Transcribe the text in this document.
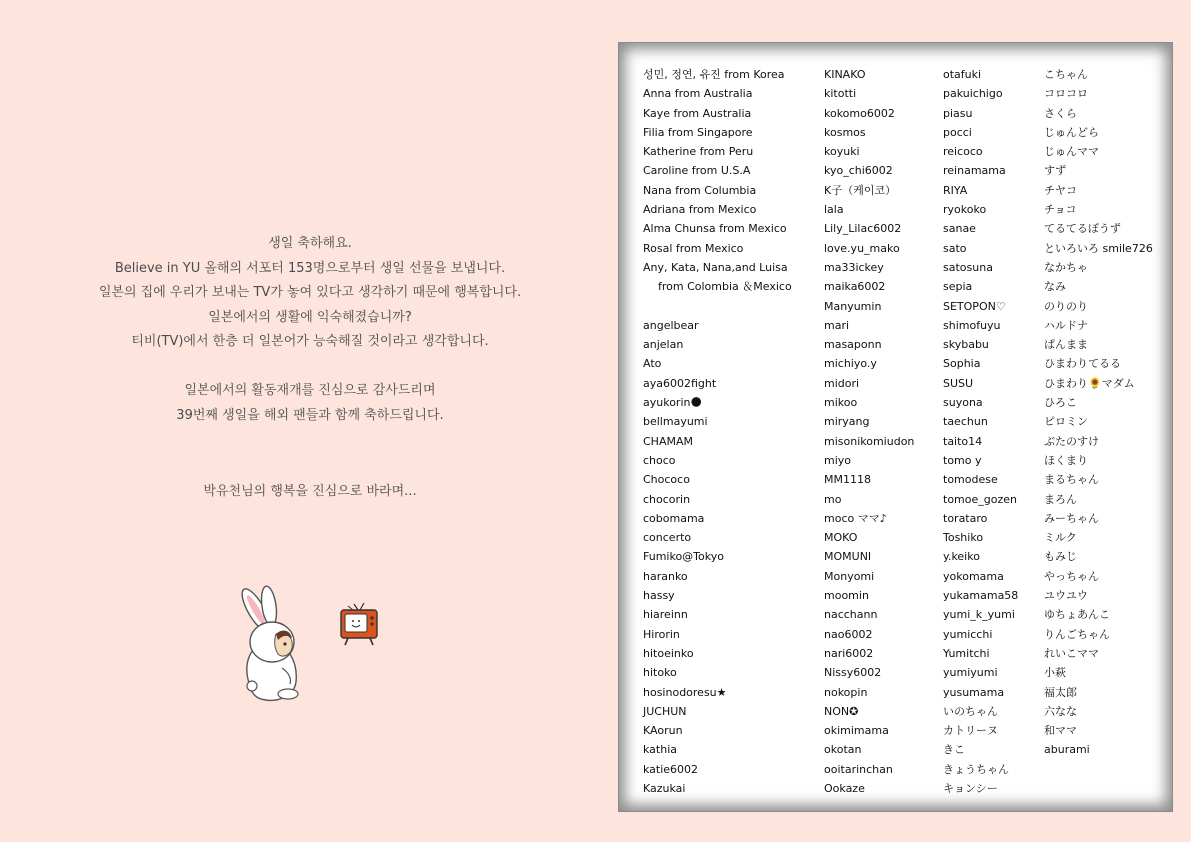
생일 축하해요.
Believe in YU 올해의 서포터 153명으로부터 생일 선물을 보냅니다.
일본의 집에 우리가 보내는 TV가 놓여 있다고 생각하기 때문에 행복합니다.
일본에서의 생활에 익숙해졌습니까?
티비(TV)에서 한층 더 일본어가 능숙해질 것이라고 생각합니다.
일본에서의 활동재개를 진심으로 감사드리며
39번째 생일을 해외 팬들과 함께 축하드립니다.
박유천님의 행복을 진심으로 바라며...
성민, 정연, 유진 from Korea
Anna from Australia
Kaye from Australia
Filia from Singapore
Katherine from Peru
Caroline from U.S.A
Nana from Columbia
Adriana from Mexico
Alma Chunsa from Mexico
Rosal from Mexico
Any, Kata, Nana,and Luisa
from Colombia ＆Mexico
angelbear
anjelan
Ato
aya6002fight
ayukorin🌑
bellmayumi
CHAMAM
choco
Chococo
chocorin
cobomama
concerto
Fumiko@Tokyo
haranko
hassy
hiareinn
Hirorin
hitoeinko
hitoko
hosinodoresu★
JUCHUN
KAorun
kathia
katie6002
Kazukai
KINAKO
kitotti
kokomo6002
kosmos
koyuki
kyo_chi6002
K子（케이코）
lala
Lily_Lilac6002
love.yu_mako
ma33ickey
maika6002
Manyumin
mari
masaponn
michiyo.y
midori
mikoo
miryang
misonikomiudon
miyo
MM1118
mo
moco ママ♪
MOKO
MOMUNI
Monyomi
moomin
nacchann
nao6002
nari6002
Nissy6002
nokopin
NON✪
okimimama
okotan
ooitarinchan
Ookaze
otafuki
pakuichigo
piasu
pocci
reicoco
reinamama
RIYA
ryokoko
sanae
sato
satosuna
sepia
SETOPON♡
shimofuyu
skybabu
Sophia
SUSU
suyona
taechun
taito14
tomo y
tomodese
tomoe_gozen
torataro
Toshiko
y.keiko
yokomama
yukamama58
yumi_k_yumi
yumicchi
Yumitchi
yumiyumi
yusumama
いのちゃん
カトリーヌ
きこ
きょうちゃん
キョンシー
こちゃん
コロコロ
さくら
じゅんどら
じゅんママ
すず
チヤコ
チョコ
てるてるぼうず
といろいろ smile726
なかちゃ
なみ
のりのり
ハルドナ
ぱんまま
ひまわりてるる
ひまわり🌻マダム
ひろこ
ピロミン
ぶたのすけ
ほくまり
まるちゃん
まろん
みーちゃん
ミルク
もみじ
やっちゃん
ユウユウ
ゆちょあんこ
りんごちゃん
れいこママ
小萩
福太郎
六なな
和ママ
aburami
